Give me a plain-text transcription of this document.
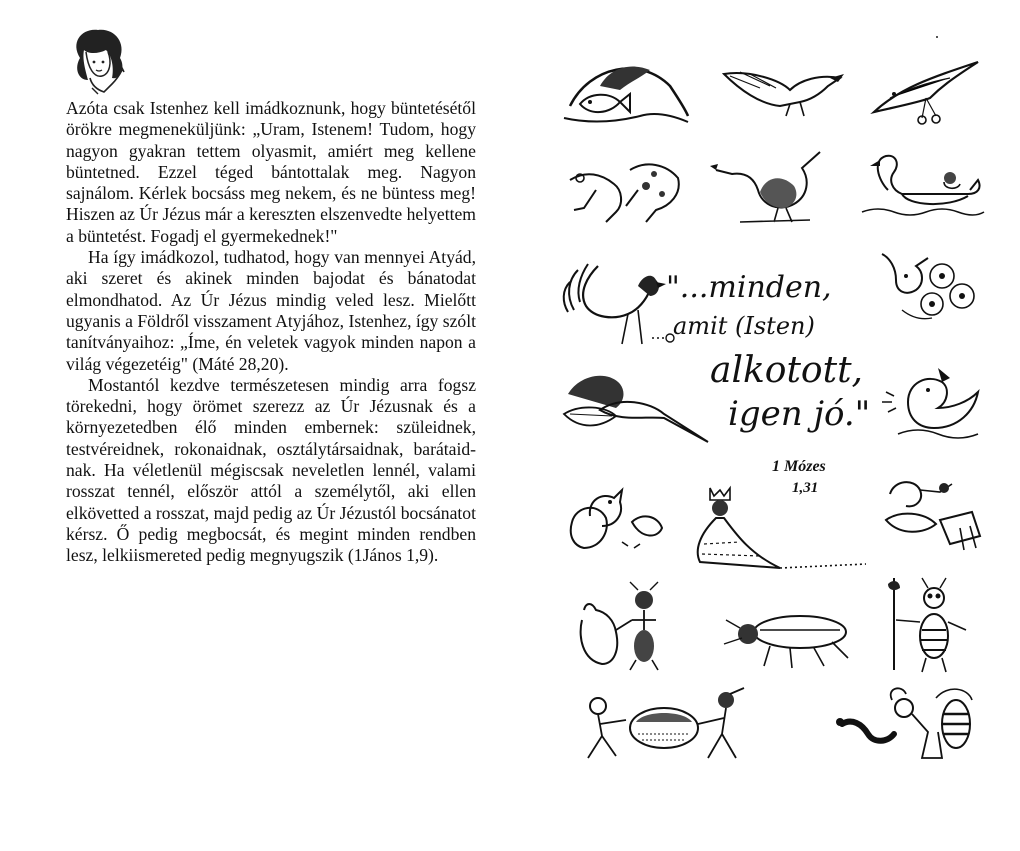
Azóta csak Istenhez kell imádkoznunk, hogy büntetésétől örökre megmeneküljünk: „Uram, Istenem! Tudom, hogy nagyon gyakran tettem olyasmit, amiért meg kellene büntetned. Ezzel téged bántottalak meg. Nagyon sajnálom. Kérlek bocsáss meg nekem, és ne büntess meg! Hiszen az Úr Jézus már a kereszten elszenvedte helyettem a büntetést. Fogadj el gyermekednek!"

Ha így imádkozol, tudhatod, hogy van mennyei Atyád, aki szeret és akinek minden bajodat és bánatodat elmondhatod. Az Úr Jézus mindig veled lesz. Mielőtt ugyanis a Földről visszament Atyjához, Istenhez, így szólt tanítványaihoz: „Íme, én veletek vagyok minden napon a világ végezetéig" (Máté 28,20).

Mostantól kezdve természetesen mindig arra fogsz törekedni, hogy örömet szerezz az Úr Jézusnak és a környezetedben élő minden embernek: szüleidnek, testvéreidnek, rokonaidnak, osztálytársaidnak, barátaidnak. Ha véletlenül mégiscsak neveletlen lennél, valami rosszat tennél, először attól a személytől, aki ellen elkövetted a rosszat, majd pedig az Úr Jézustól bocsánatot kérsz. Ő pedig megbocsát, és megint minden rendben lesz, lelkiismereted pedig megnyugszik (1János 1,9).

"...minden,
amit (Isten)
alkotott,
igen jó."
1 Mózes
1,31
